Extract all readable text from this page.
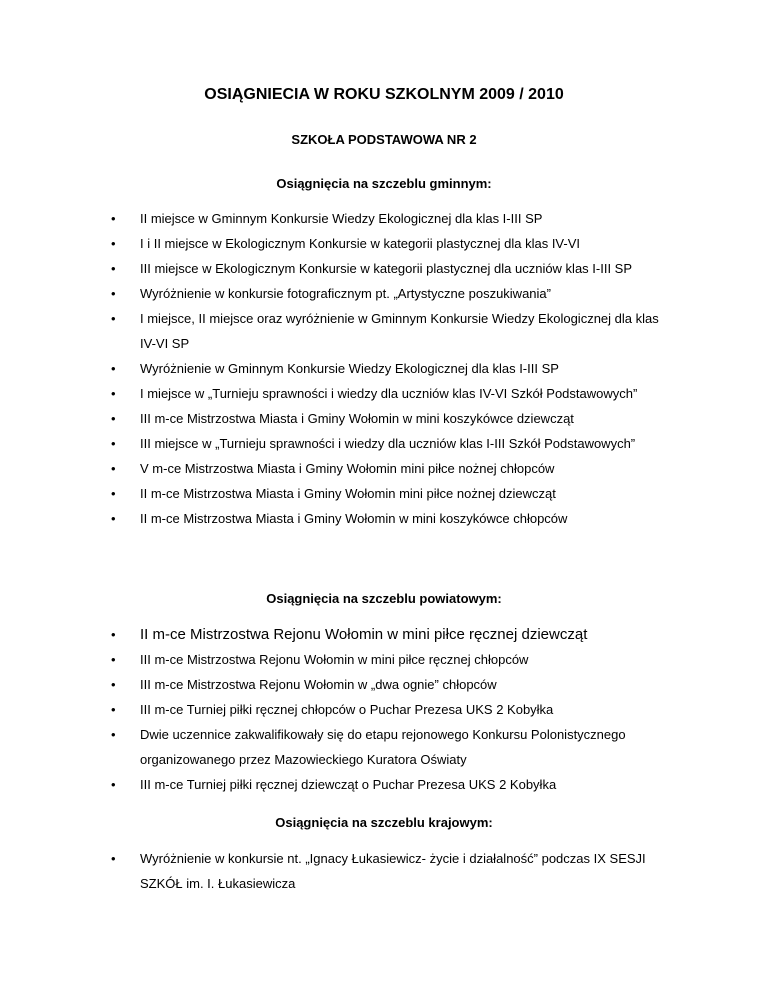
OSIĄGNIECIA W ROKU SZKOLNYM 2009 / 2010
SZKOŁA PODSTAWOWA NR 2
Osiągnięcia na szczeblu gminnym:
• II miejsce w Gminnym Konkursie Wiedzy Ekologicznej dla klas I-III SP
• I i II miejsce w Ekologicznym Konkursie w kategorii plastycznej dla klas IV-VI
• III miejsce w Ekologicznym Konkursie w kategorii plastycznej dla uczniów klas I-III SP
• Wyróżnienie w konkursie fotograficznym pt. „Artystyczne poszukiwania”
• I miejsce, II miejsce oraz wyróżnienie w Gminnym Konkursie Wiedzy Ekologicznej dla klas IV-VI SP
• Wyróżnienie w Gminnym Konkursie Wiedzy Ekologicznej dla klas I-III SP
• I miejsce w „Turnieju sprawności i wiedzy dla uczniów klas IV-VI Szkół Podstawowych”
• III m-ce Mistrzostwa Miasta i Gminy Wołomin w mini koszykówce dziewcząt
• III miejsce w „Turnieju sprawności i wiedzy dla uczniów klas I-III Szkół Podstawowych”
• V m-ce Mistrzostwa Miasta i Gminy Wołomin mini piłce nożnej chłopców
• II m-ce Mistrzostwa Miasta i Gminy Wołomin mini piłce nożnej dziewcząt
• II m-ce Mistrzostwa Miasta i Gminy Wołomin w mini koszykówce chłopców
Osiągnięcia na szczeblu powiatowym:
• II m-ce Mistrzostwa Rejonu Wołomin w mini piłce ręcznej dziewcząt
• III m-ce Mistrzostwa Rejonu Wołomin w mini piłce ręcznej chłopców
• III m-ce Mistrzostwa Rejonu Wołomin w „dwa ognie” chłopców
• III m-ce Turniej piłki ręcznej chłopców o Puchar Prezesa UKS 2 Kobyłka
• Dwie uczennice zakwalifikowały się do etapu rejonowego Konkursu Polonistycznego organizowanego przez Mazowieckiego Kuratora Oświaty
• III m-ce Turniej piłki ręcznej dziewcząt o Puchar Prezesa UKS 2 Kobyłka
Osiągnięcia na szczeblu krajowym:
• Wyróżnienie w konkursie nt. „Ignacy Łukasiewicz- życie i działalność” podczas IX SESJI SZKÓŁ im. I. Łukasiewicza
